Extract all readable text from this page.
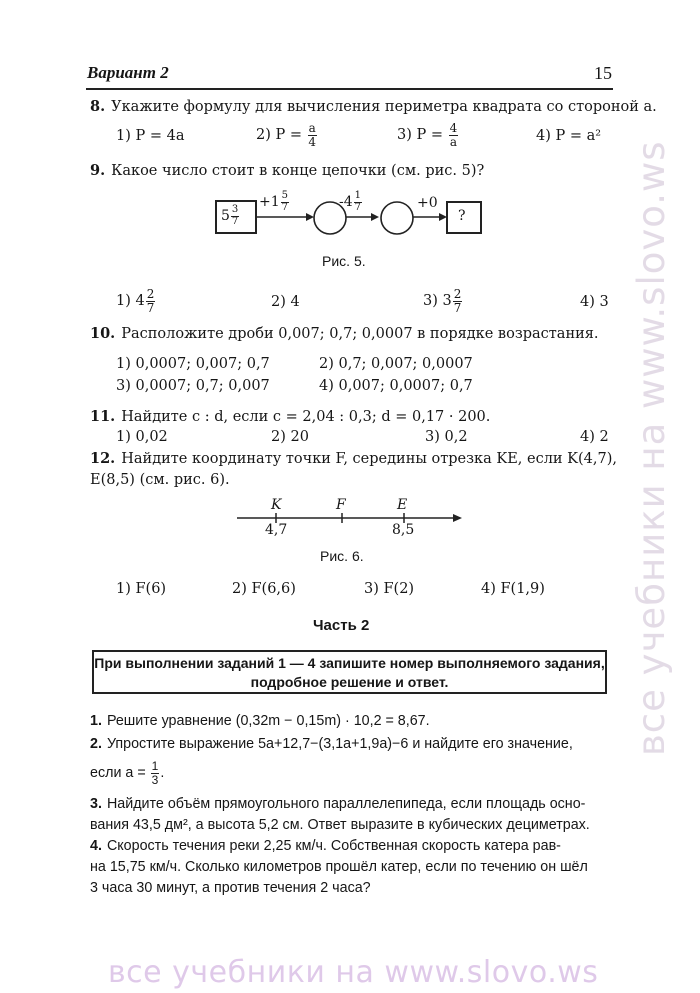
Вариант 2	15
8. Укажите формулу для вычисления периметра квадрата со стороной a.
1) P = 4a	2) $P = \frac{a}{4}$	3) $P = \frac{4}{a}$	4) P = a²
9. Какое число стоит в конце цепочки (см. рис. 5)?
$5 \frac{3}{7}$
$+1 \frac{5}{7}$	$-4 \frac{1}{7}$	+0
?
Рис. 5.
1) $4 \frac{2}{7}$	2) 4	3) $3 \frac{2}{7}$	4) 3
10. Расположите дроби 0,007; 0,7; 0,0007 в порядке возрастания.
1) 0,0007; 0,007; 0,7	2) 0,7; 0,007; 0,0007
3) 0,0007; 0,7; 0,007	4) 0,007; 0,0007; 0,7
11. Найдите c : d, если c = 2,04 : 0,3; d = 0,17 · 200.
1) 0,02	2) 20	3) 0,2	4) 2
12. Найдите координату точки F, середины отрезка KE, если K(4,7),
E(8,5) (см. рис. 6).
K	F	E
4,7	8,5
Рис. 6.
1) F(6)	2) F(6,6)	3) F(2)	4) F(1,9)
Часть 2
При выполнении заданий 1 — 4 запишите номер выполняемого задания, подробное решение и ответ.
1. Решите уравнение (0,32m − 0,15m) · 10,2 = 8,67.
2. Упростите выражение 5a+12,7−(3,1a+1,9a)−6 и найдите его значение,
если $a = \frac{1}{3}$ .
3. Найдите объём прямоугольного параллелепипеда, если площадь осно-
вания 43,5 дм², а высота 5,2 см. Ответ выразите в кубических дециметрах.
4. Скорость течения реки 2,25 км/ч. Собственная скорость катера рав-
на 15,75 км/ч. Сколько километров прошёл катер, если по течению он шёл
3 часа 30 минут, а против течения 2 часа?
все учебники на www.slovo.ws
все учебники на www.slovo.ws
